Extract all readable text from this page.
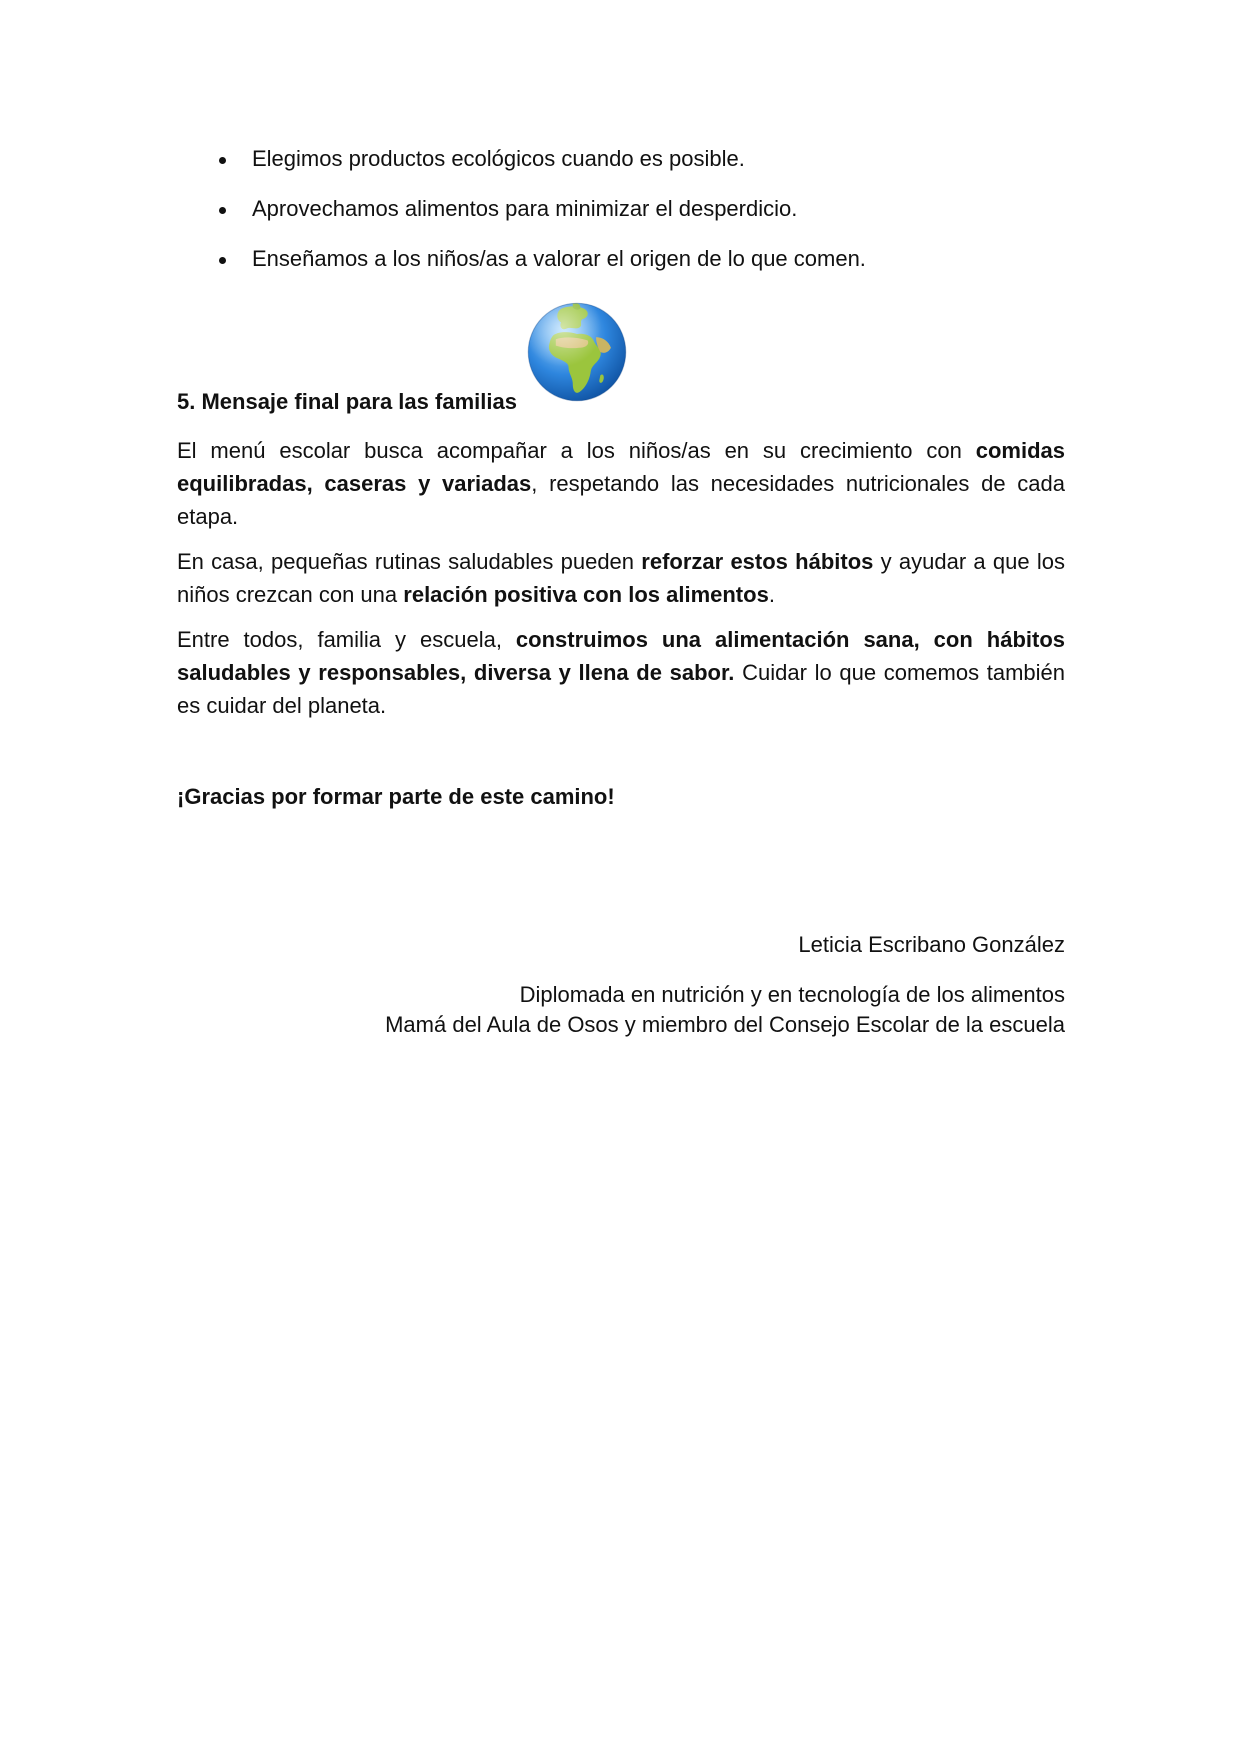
Elegimos productos ecológicos cuando es posible.
Aprovechamos alimentos para minimizar el desperdicio.
Enseñamos a los niños/as a valorar el origen de lo que comen.
5. Mensaje final para las familias

El menú escolar busca acompañar a los niños/as en su crecimiento con comidas equilibradas, caseras y variadas, respetando las necesidades nutricionales de cada etapa.

En casa, pequeñas rutinas saludables pueden reforzar estos hábitos y ayudar a que los niños crezcan con una relación positiva con los alimentos.

Entre todos, familia y escuela, construimos una alimentación sana, con hábitos saludables y responsables, diversa y llena de sabor. Cuidar lo que comemos también es cuidar del planeta.

¡Gracias por formar parte de este camino!
Leticia Escribano González
Diplomada en nutrición y en tecnología de los alimentos
Mamá del Aula de Osos y miembro del Consejo Escolar de la escuela
